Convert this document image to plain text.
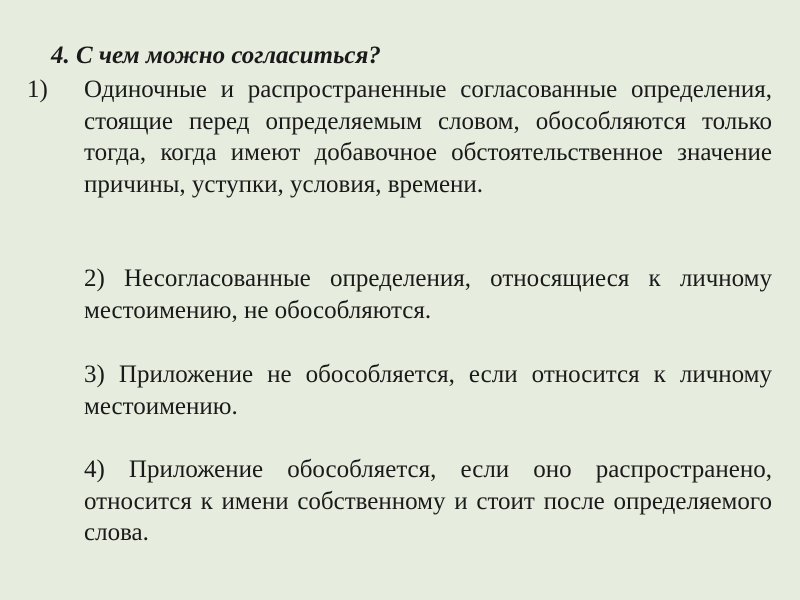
4. С чем можно согласиться?
1) Одиночные и распространенные согласованные определения, стоящие перед определяемым словом, обособляются только тогда, когда имеют добавочное обстоятельственное значение причины, уступки, условия, времени.
2) Несогласованные определения, относящиеся к личному местоимению, не обособляются.
3) Приложение не обособляется, если относится к личному местоимению.
4) Приложение обособляется, если оно распространено, относится к имени собственному и стоит после определяемого слова.
